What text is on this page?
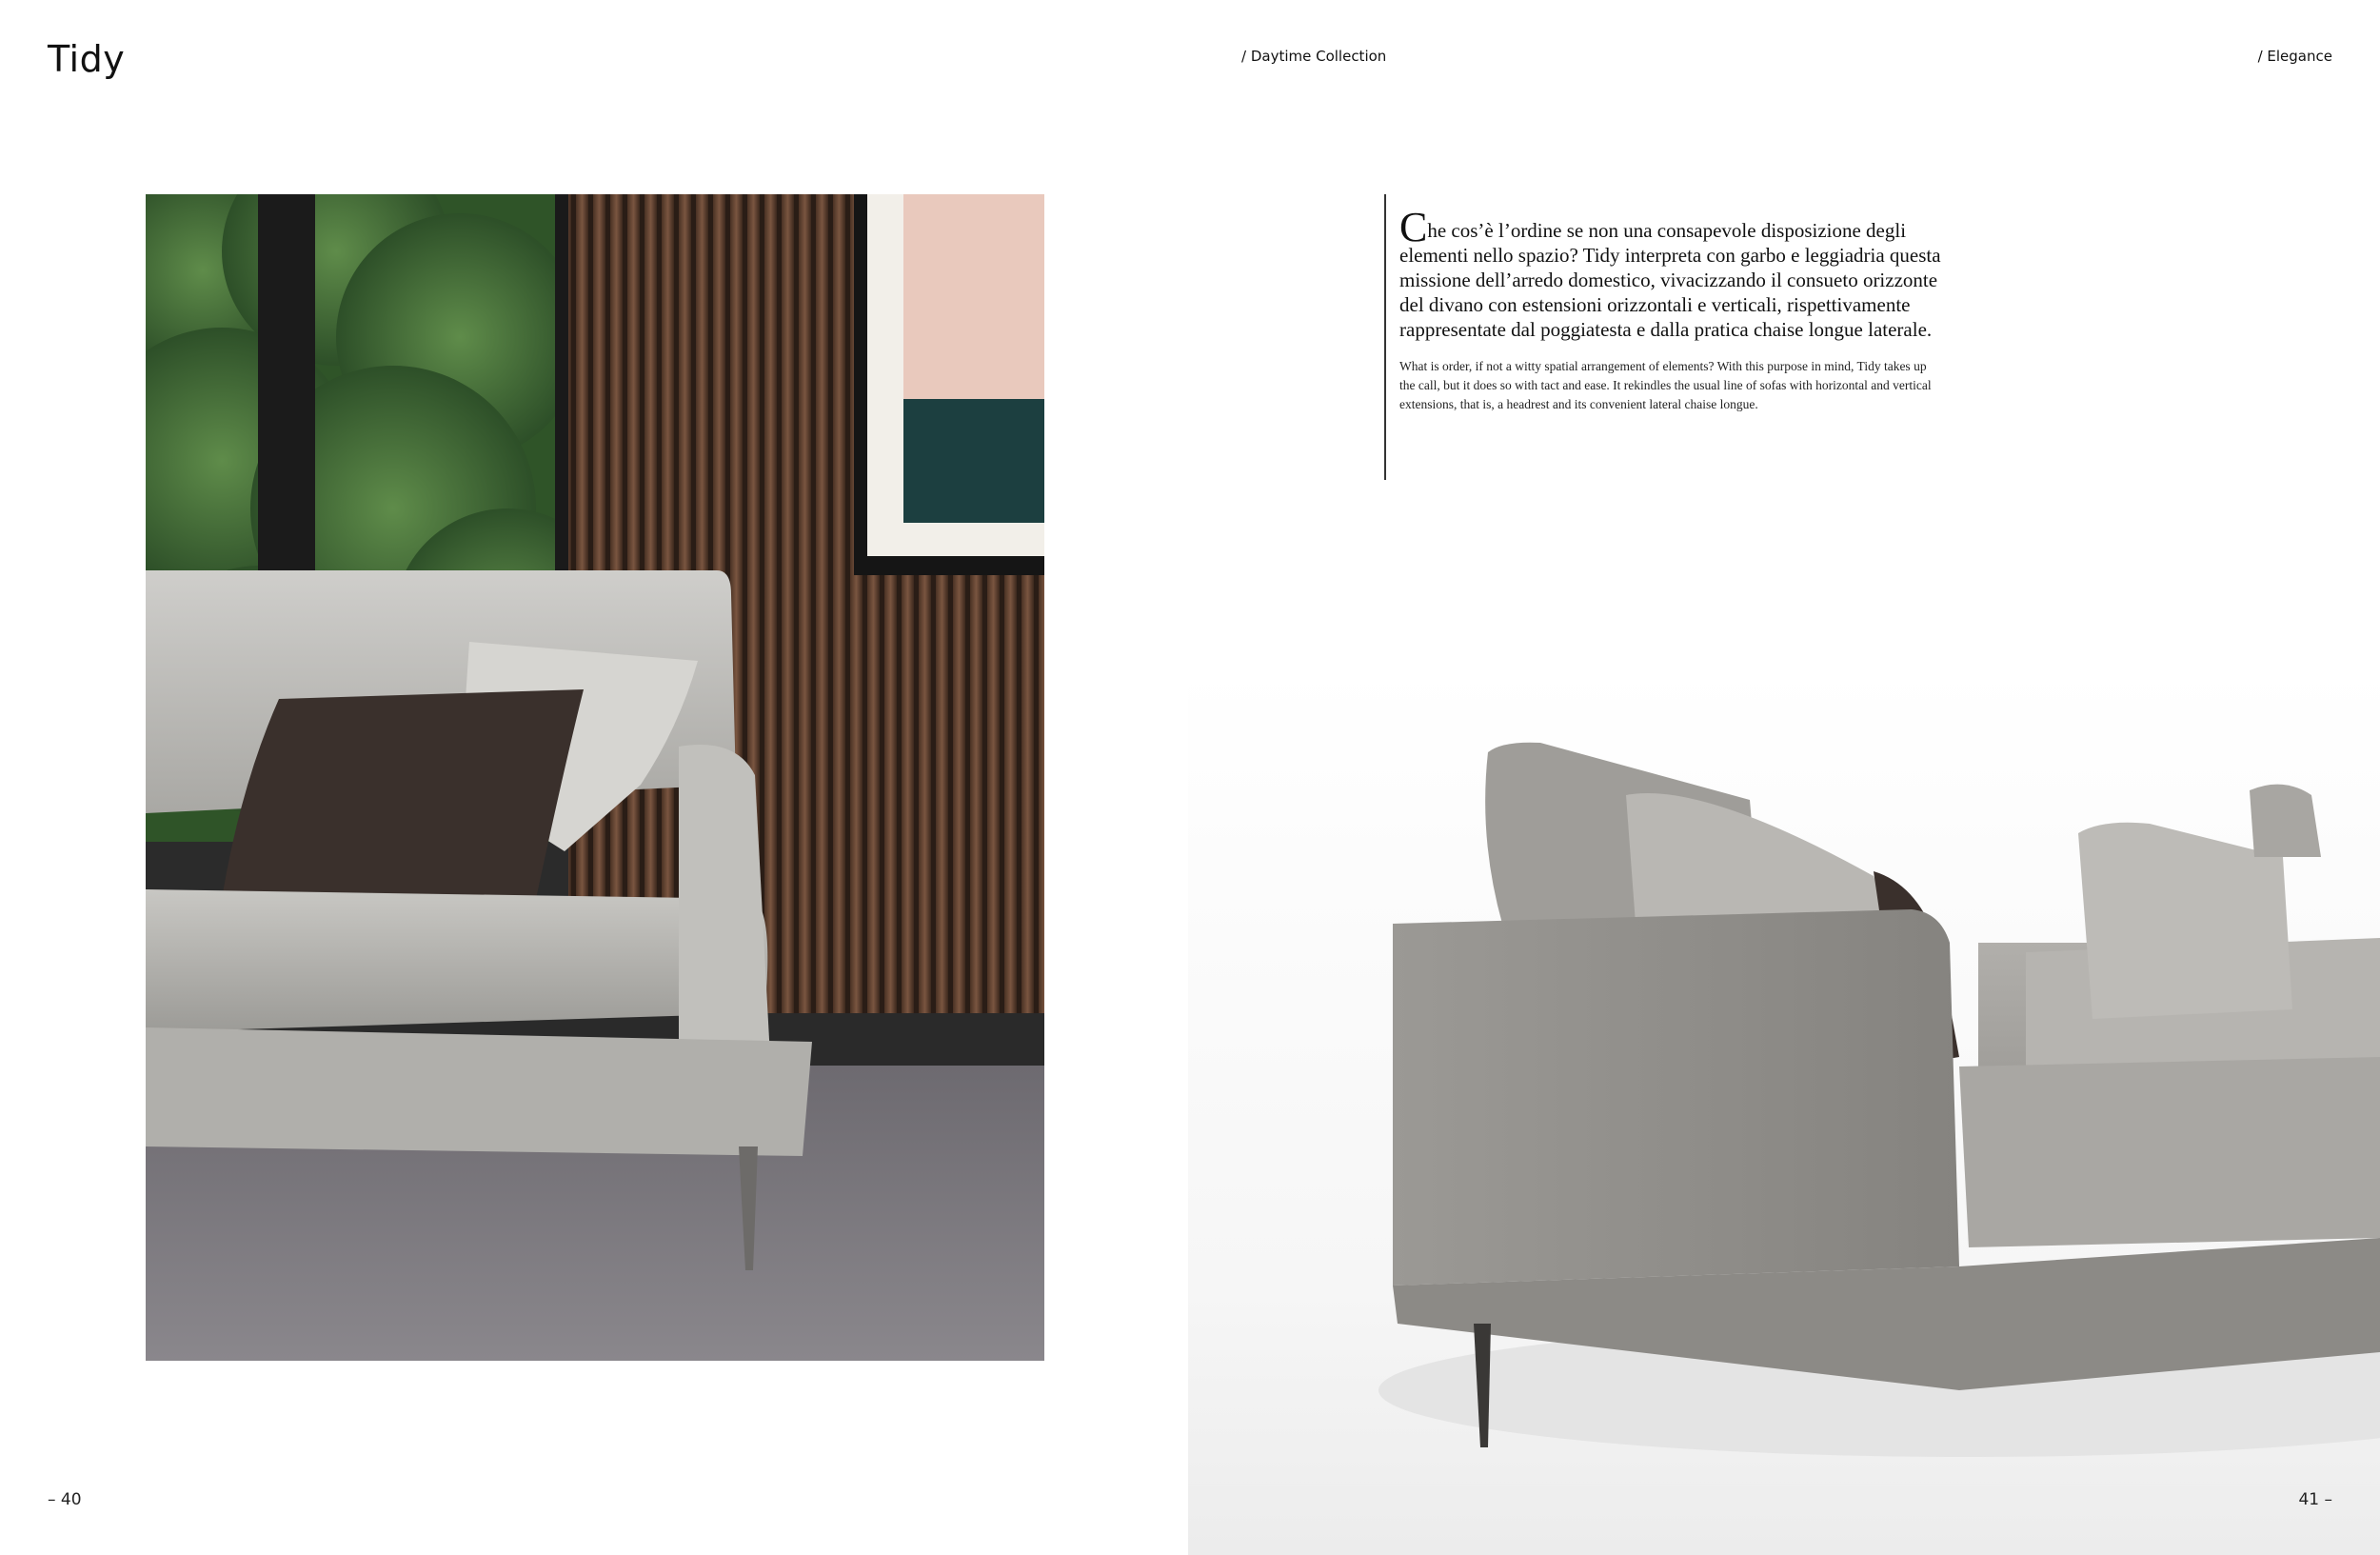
Tidy	/ Daytime Collection	/ Elegance

Che cos’è l’ordine se non una consapevole disposizione degli elementi nello spazio? Tidy interpreta con garbo e leggiadria questa missione dell’arredo domestico, vivacizzando il consueto orizzonte del divano con estensioni orizzontali e verticali, rispettivamente rappresentate dal poggiatesta e dalla pratica chaise longue laterale.

What is order, if not a witty spatial arrangement of elements? With this purpose in mind, Tidy takes up the call, but it does so with tact and ease. It rekindles the usual line of sofas with horizontal and vertical extensions, that is, a headrest and its convenient lateral chaise longue.

– 40	41 –
